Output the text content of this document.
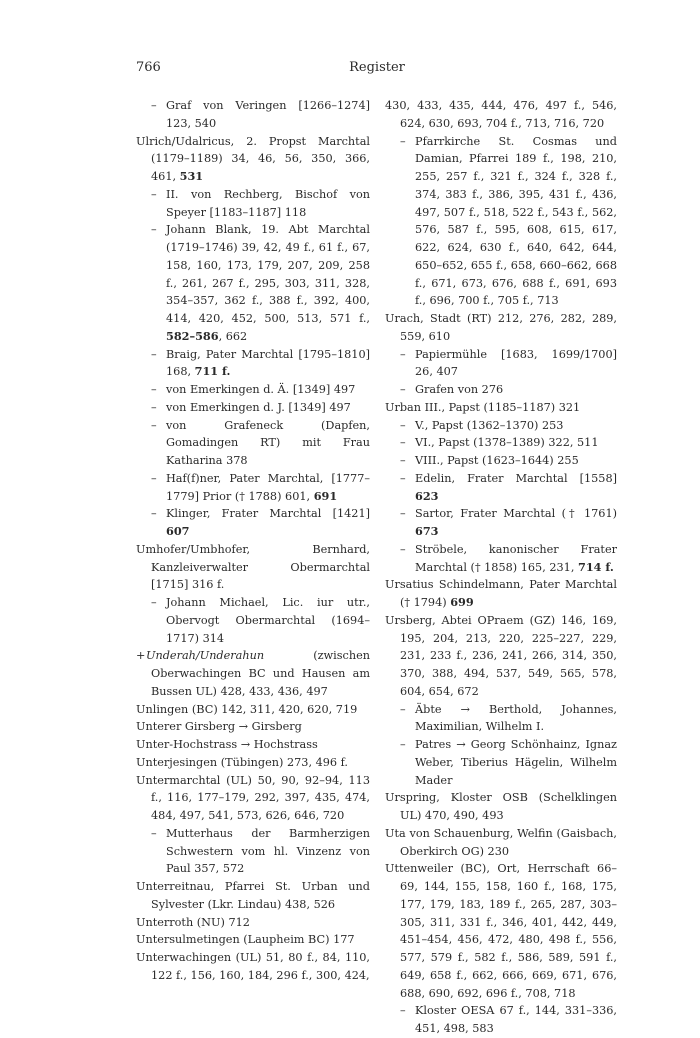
766	Register
– Graf von Veringen [1266–1274] 123, 540
Ulrich/Udalricus, 2. Propst Marchtal (1179–1189) 34, 46, 56, 350, 366, 461, 531
– II. von Rechberg, Bischof von Speyer [1183–1187] 118
– Johann Blank, 19. Abt Marchtal (1719–1746) 39, 42, 49 f., 61 f., 67, 158, 160, 173, 179, 207, 209, 258 f., 261, 267 f., 295, 303, 311, 328, 354–357, 362 f., 388 f., 392, 400, 414, 420, 452, 500, 513, 571 f., 582–586, 662
– Braig, Pater Marchtal [1795–1810] 168, 711 f.
– von Emerkingen d. Ä. [1349] 497
– von Emerkingen d. J. [1349] 497
– von Grafeneck (Dapfen, Gomadingen RT) mit Frau Katharina 378
– Haf(f)ner, Pater Marchtal, [1777–1779] Prior († 1788) 601, 691
– Klinger, Frater Marchtal [1421] 607
Umhofer/Umbhofer, Bernhard, Kanzleiverwalter Obermarchtal [1715] 316 f.
– Johann Michael, Lic. iur utr., Obervogt Obermarchtal (1694–1717) 314
+Underah/Underahun (zwischen Oberwachingen BC und Hausen am Bussen UL) 428, 433, 436, 497
Unlingen (BC) 142, 311, 420, 620, 719
Unterer Girsberg → Girsberg
Unter-Hochstrass → Hochstrass
Unterjesingen (Tübingen) 273, 496 f.
Untermarchtal (UL) 50, 90, 92–94, 113 f., 116, 177–179, 292, 397, 435, 474, 484, 497, 541, 573, 626, 646, 720
– Mutterhaus der Barmherzigen Schwestern vom hl. Vinzenz von Paul 357, 572
Unterreitnau, Pfarrei St. Urban und Sylvester (Lkr. Lindau) 438, 526
Unterroth (NU) 712
Untersulmetingen (Laupheim BC) 177
Unterwachingen (UL) 51, 80 f., 84, 110, 122 f., 156, 160, 184, 296 f., 300, 424,
430, 433, 435, 444, 476, 497 f., 546, 624, 630, 693, 704 f., 713, 716, 720
– Pfarrkirche St. Cosmas und Damian, Pfarrei 189 f., 198, 210, 255, 257 f., 321 f., 324 f., 328 f., 374, 383 f., 386, 395, 431 f., 436, 497, 507 f., 518, 522 f., 543 f., 562, 576, 587 f., 595, 608, 615, 617, 622, 624, 630 f., 640, 642, 644, 650–652, 655 f., 658, 660–662, 668 f., 671, 673, 676, 688 f., 691, 693 f., 696, 700 f., 705 f., 713
Urach, Stadt (RT) 212, 276, 282, 289, 559, 610
– Papiermühle [1683, 1699/1700] 26, 407
– Grafen von 276
Urban III., Papst (1185–1187) 321
– V., Papst (1362–1370) 253
– VI., Papst (1378–1389) 322, 511
– VIII., Papst (1623–1644) 255
– Edelin, Frater Marchtal [1558] 623
– Sartor, Frater Marchtal († 1761) 673
– Ströbele, kanonischer Frater Marchtal († 1858) 165, 231, 714 f.
Ursatius Schindelmann, Pater Marchtal († 1794) 699
Ursberg, Abtei OPraem (GZ) 146, 169, 195, 204, 213, 220, 225–227, 229, 231, 233 f., 236, 241, 266, 314, 350, 370, 388, 494, 537, 549, 565, 578, 604, 654, 672
– Äbte → Berthold, Johannes, Maximilian, Wilhelm I.
– Patres → Georg Schönhainz, Ignaz Weber, Tiberius Hägelin, Wilhelm Mader
Urspring, Kloster OSB (Schelklingen UL) 470, 490, 493
Uta von Schauenburg, Welfin (Gaisbach, Oberkirch OG) 230
Uttenweiler (BC), Ort, Herrschaft 66–69, 144, 155, 158, 160 f., 168, 175, 177, 179, 183, 189 f., 265, 287, 303–305, 311, 331 f., 346, 401, 442, 449, 451–454, 456, 472, 480, 498 f., 556, 577, 579 f., 582 f., 586, 589, 591 f., 649, 658 f., 662, 666, 669, 671, 676, 688, 690, 692, 696 f., 708, 718
– Kloster OESA 67 f., 144, 331–336, 451, 498, 583
